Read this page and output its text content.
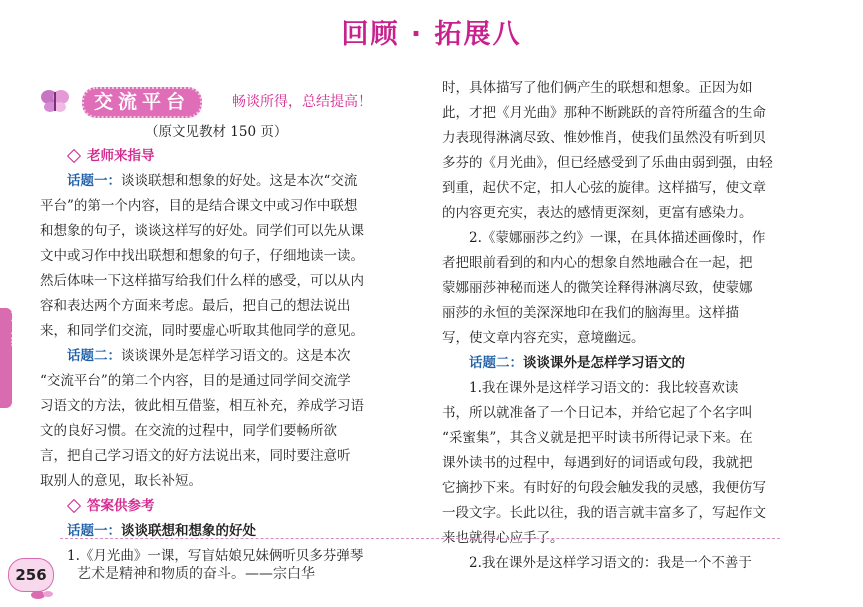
回顾 · 拓展八
第八组
交流平台	畅谈所得，总结提高！
（原文见教材 150 页）
老师来指导
话题一：谈谈联想和想象的好处。这是本次“交流
平台”的第一个内容，目的是结合课文中或习作中联想
和想象的句子，谈谈这样写的好处。同学们可以先从课
文中或习作中找出联想和想象的句子，仔细地读一读。
然后体味一下这样描写给我们什么样的感受，可以从内
容和表达两个方面来考虑。最后，把自己的想法说出
来，和同学们交流，同时要虚心听取其他同学的意见。
话题二：谈谈课外是怎样学习语文的。这是本次
“交流平台”的第二个内容，目的是通过同学间交流学
习语文的方法，彼此相互借鉴，相互补充，养成学习语
文的良好习惯。在交流的过程中，同学们要畅所欲
言，把自己学习语文的好方法说出来，同时要注意听
取别人的意见，取长补短。
答案供参考
话题一：谈谈联想和想象的好处
1.《月光曲》一课，写盲姑娘兄妹俩听贝多芬弹琴
时，具体描写了他们俩产生的联想和想象。正因为如
此，才把《月光曲》那种不断跳跃的音符所蕴含的生命
力表现得淋漓尽致、惟妙惟肖，使我们虽然没有听到贝
多芬的《月光曲》，但已经感受到了乐曲由弱到强，由轻
到重，起伏不定，扣人心弦的旋律。这样描写，使文章
的内容更充实，表达的感情更深刻，更富有感染力。
2.《蒙娜丽莎之约》一课，在具体描述画像时，作
者把眼前看到的和内心的想象自然地融合在一起，把
蒙娜丽莎神秘而迷人的微笑诠释得淋漓尽致，使蒙娜
丽莎的永恒的美深深地印在我们的脑海里。这样描
写，使文章内容充实，意境幽远。
话题二：谈谈课外是怎样学习语文的
1.我在课外是这样学习语文的：我比较喜欢读
书，所以就准备了一个日记本，并给它起了个名字叫
“采蜜集”，其含义就是把平时读书所得记录下来。在
课外读书的过程中，每遇到好的词语或句段，我就把
它摘抄下来。有时好的句段会触发我的灵感，我便仿写
一段文字。长此以往，我的语言就丰富多了，写起作文
来也就得心应手了。
2.我在课外是这样学习语文的：我是一个不善于
256	艺术是精神和物质的奋斗。——宗白华
